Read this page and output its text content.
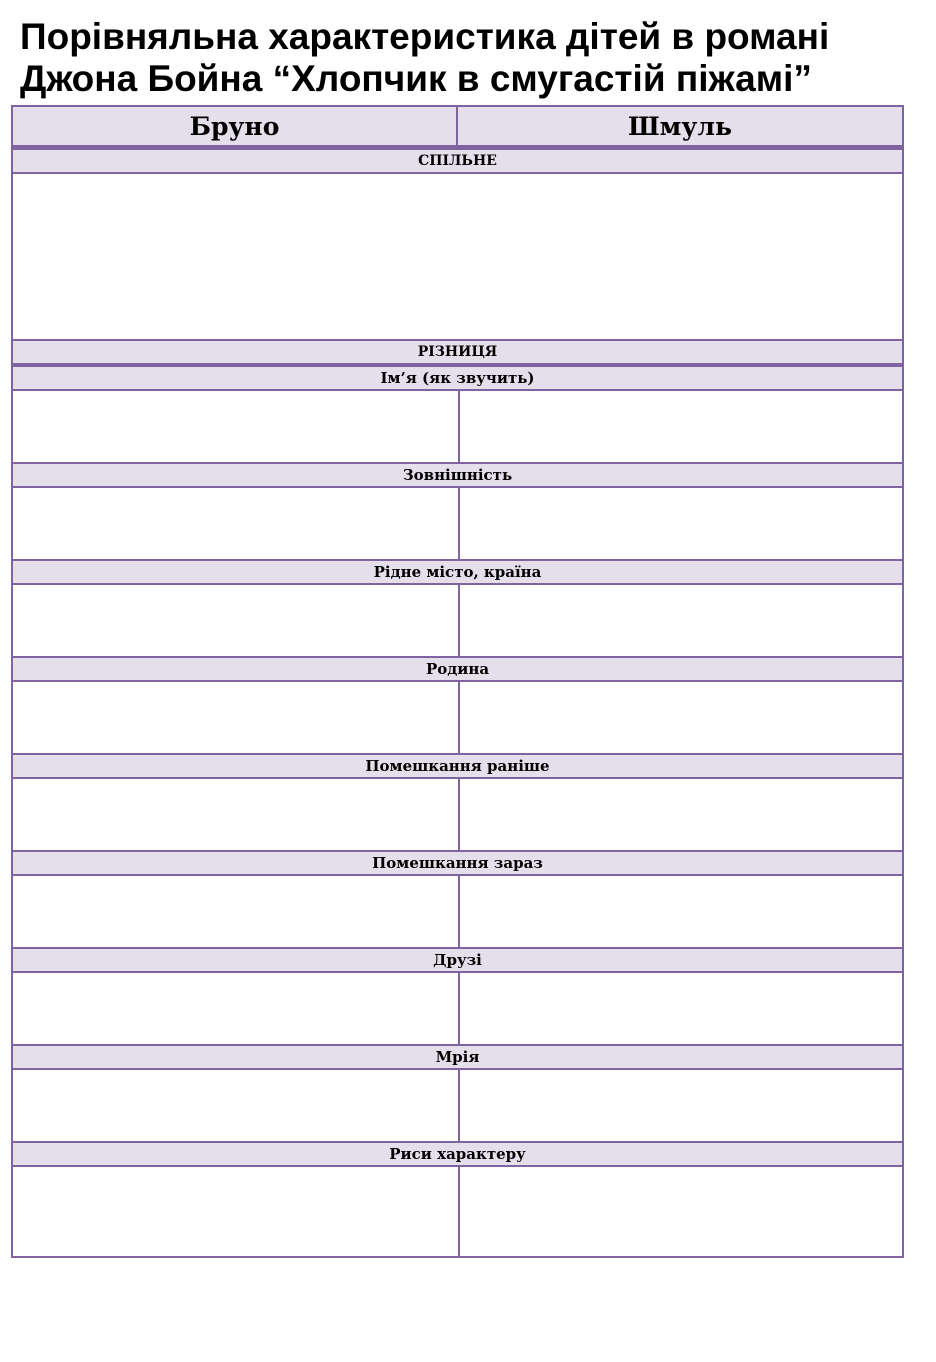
Порівняльна характеристика дітей в романі
Джона Бойна “Хлопчик в смугастій піжамі”
Бруно	Шмуль
СПІЛЬНЕ
РІЗНИЦЯ
Ім’я (як звучить)
Зовнішність
Рідне місто, країна
Родина
Помешкання раніше
Помешкання зараз
Друзі
Мрія
Риси характеру
